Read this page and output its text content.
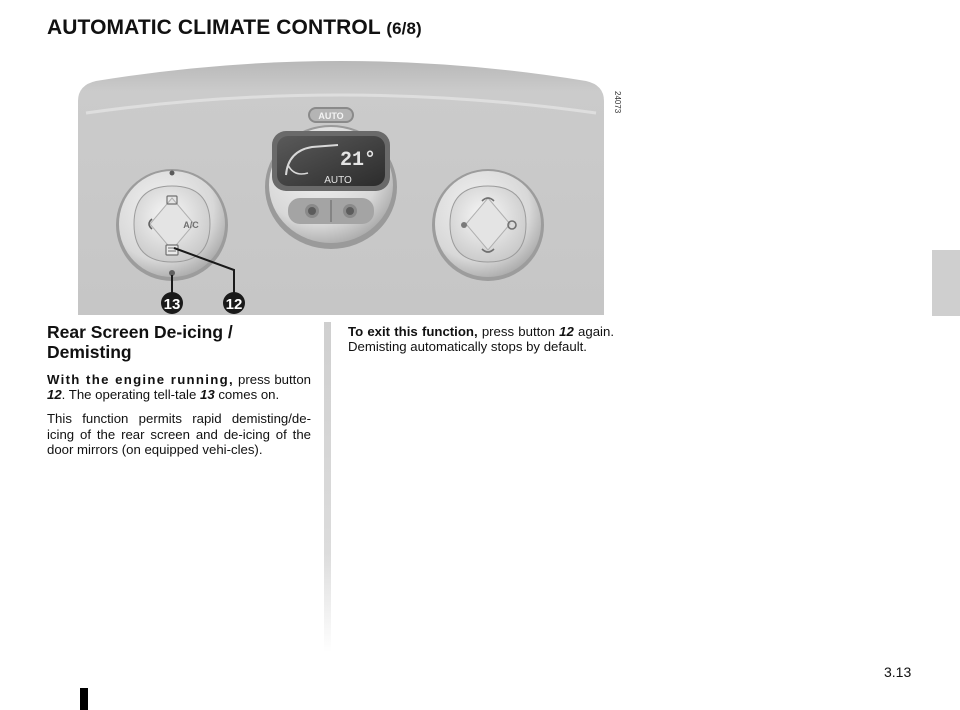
AUTOMATIC CLIMATE CONTROL (6/8)
24073
AUTO
21°
AUTO
A/C
13	12
Rear Screen De-icing / Demisting

With the engine running, press button 12. The operating tell-tale 13 comes on.

This function permits rapid demisting/de-icing of the rear screen and de-icing of the door mirrors (on equipped vehi-cles).

To exit this function, press button 12 again. Demisting automatically stops by default.

3.13
